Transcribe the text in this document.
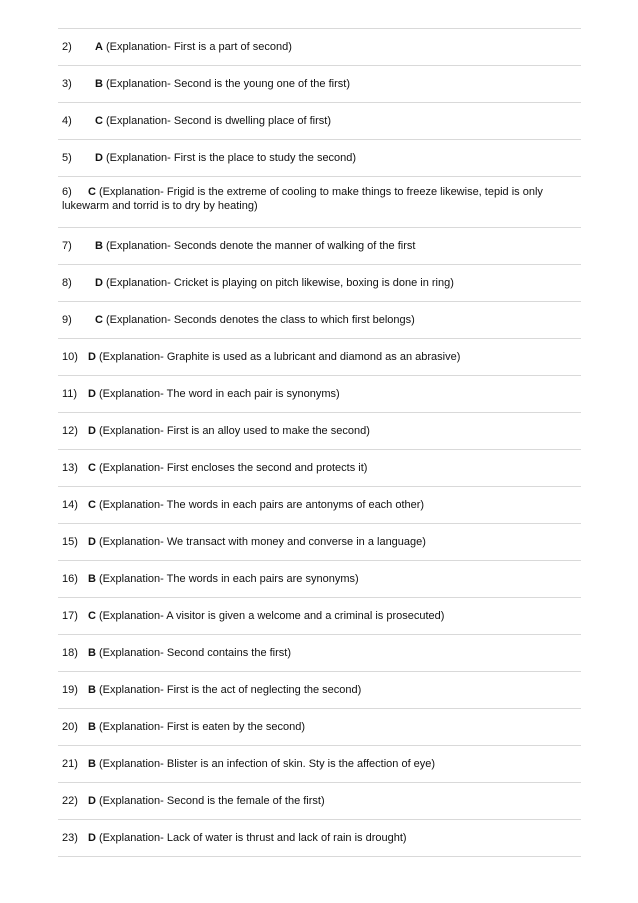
2) A (Explanation- First is a part of second)
3) B (Explanation- Second is the young one of the first)
4) C (Explanation- Second is dwelling place of first)
5) D (Explanation- First is the place to study the second)
6) C (Explanation- Frigid is the extreme of cooling to make things to freeze likewise, tepid is only lukewarm and torrid is to dry by heating)
7) B (Explanation- Seconds denote the manner of walking of the first
8) D (Explanation- Cricket is playing on pitch likewise, boxing is done in ring)
9) C (Explanation- Seconds denotes the class to which first belongs)
10) D (Explanation- Graphite is used as a lubricant and diamond as an abrasive)
11) D (Explanation- The word in each pair is synonyms)
12) D (Explanation- First is an alloy used to make the second)
13) C (Explanation- First encloses the second and protects it)
14) C (Explanation- The words in each pairs are antonyms of each other)
15) D (Explanation- We transact with money and converse in a language)
16) B (Explanation- The words in each pairs are synonyms)
17) C (Explanation- A visitor is given a welcome and a criminal is prosecuted)
18) B (Explanation- Second contains the first)
19) B (Explanation- First is the act of neglecting the second)
20) B (Explanation- First is eaten by the second)
21) B (Explanation- Blister is an infection of skin. Sty is the affection of eye)
22) D (Explanation- Second is the female of the first)
23) D (Explanation- Lack of water is thrust and lack of rain is drought)
